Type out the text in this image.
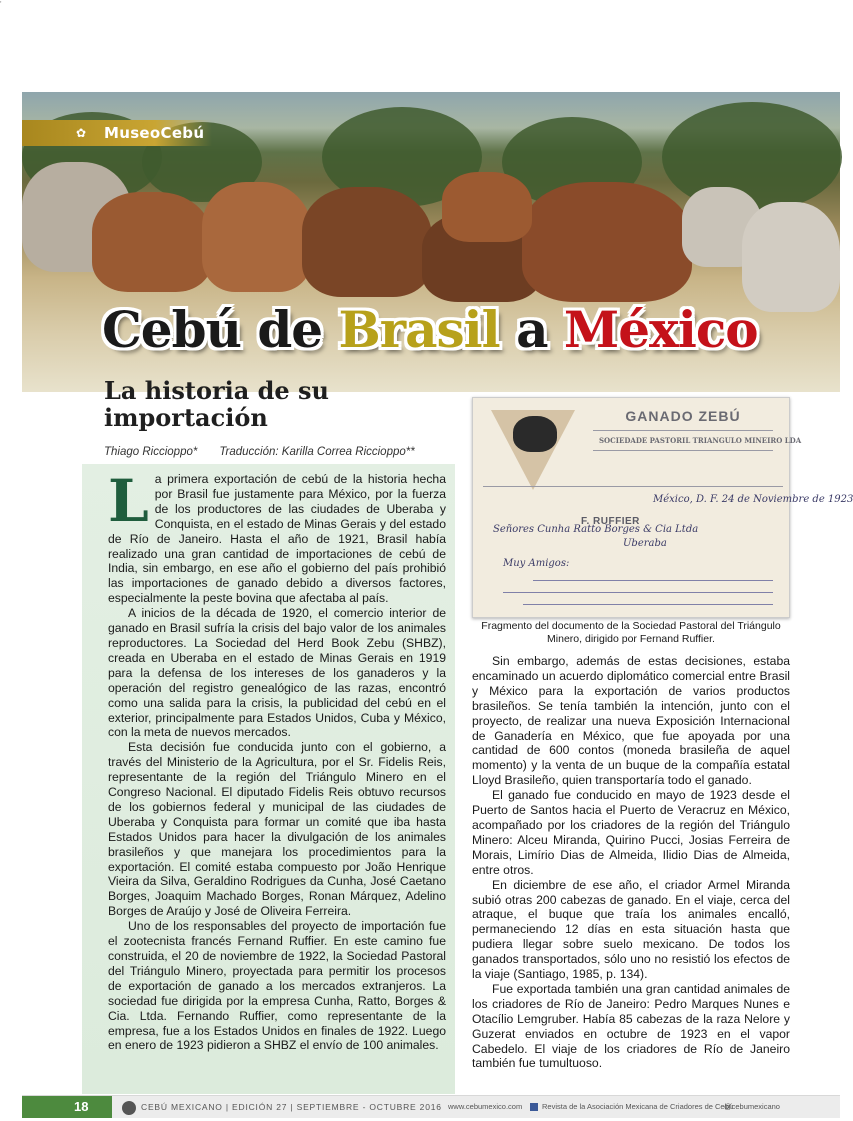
'
✿	MuseoCebú
Cebú de Brasil a México
La historia de su importación
Thiago Riccioppo* Traducción: Karilla Correa Riccioppo**
L a primera exportación de cebú de la historia hecha por Brasil fue justamente para México, por la fuerza de los productores de las ciudades de Uberaba y Conquista, en el estado de Minas Gerais y del estado de Río de Janeiro. Hasta el año de 1921, Brasil había realizado una gran cantidad de importaciones de cebú de India, sin embargo, en ese año el gobierno del país prohibió las importaciones de ganado debido a diversos factores, especialmente la peste bovina que afectaba al país.

A inicios de la década de 1920, el comercio interior de ganado en Brasil sufría la crisis del bajo valor de los animales reproductores. La Sociedad del Herd Book Zebu (SHBZ), creada en Uberaba en el estado de Minas Gerais en 1919 para la defensa de los intereses de los ganaderos y la operación del registro genealógico de las razas, encontró como una salida para la crisis, la publicidad del cebú en el exterior, principalmente para Estados Unidos, Cuba y México, con la meta de nuevos mercados.

Esta decisión fue conducida junto con el gobierno, a través del Ministerio de la Agricultura, por el Sr. Fidelis Reis, representante de la región del Triángulo Minero en el Congreso Nacional. El diputado Fidelis Reis obtuvo recursos de los gobiernos federal y municipal de las ciudades de Uberaba y Conquista para formar un comité que iba hasta Estados Unidos para hacer la divulgación de los animales brasileños y que manejara los procedimientos para la exportación. El comité estaba compuesto por João Henrique Vieira da Silva, Geraldino Rodrigues da Cunha, José Caetano Borges, Joaquim Machado Borges, Ronan Márquez, Adelino Borges de Araújo y José de Oliveira Ferreira.

Uno de los responsables del proyecto de importación fue el zootecnista francés Fernand Ruffier. En este camino fue construida, el 20 de noviembre de 1922, la Sociedad Pastoral del Triángulo Minero, proyectada para permitir los procesos de exportación de ganado a los mercados extranjeros. La sociedad fue dirigida por la empresa Cunha, Ratto, Borges & Cia. Ltda. Fernando Ruffier, como representante de la empresa, fue a los Estados Unidos en finales de 1922. Luego en enero de 1923 pidieron a SHBZ el envío de 100 animales.

GANADO ZEBÚ
SOCIEDADE PASTORIL TRIANGULO MINEIRO LDA
F. RUFFIER
México, D. F. 24 de Noviembre de 1923
Señores Cunha Ratto Borges & Cia Ltda
Uberaba
Muy Amigos:
Fragmento del documento de la Sociedad Pastoral del Triángulo Minero, dirigido por Fernand Ruffier.

Sin embargo, además de estas decisiones, estaba encaminado un acuerdo diplomático comercial entre Brasil y México para la exportación de varios productos brasileños. Se tenía también la intención, junto con el proyecto, de realizar una nueva Exposición Internacional de Ganadería en México, que fue apoyada por una cantidad de 600 contos (moneda brasileña de aquel momento) y la venta de un buque de la compañía estatal Lloyd Brasileño, quien transportaría todo el ganado.

El ganado fue conducido en mayo de 1923 desde el Puerto de Santos hacia el Puerto de Veracruz en México, acompañado por los criadores de la región del Triángulo Minero: Alceu Miranda, Quirino Pucci, Josias Ferreira de Morais, Limírio Dias de Almeida, Ilidio Dias de Almeida, entre otros.

En diciembre de ese año, el criador Armel Miranda subió otras 200 cabezas de ganado. En el viaje, cerca del atraque, el buque que traía los animales encalló, permaneciendo 12 días en esta situación hasta que pudiera llegar sobre suelo mexicano. De todos los ganados transportados, sólo uno no resistió los efectos de la viaje (Santiago, 1985, p. 134).

Fue exportada también una gran cantidad animales de los criadores de Río de Janeiro: Pedro Marques Nunes e Otacílio Lemgruber. Había 85 cabezas de la raza Nelore y Guzerat enviados en octubre de 1923 en el vapor Cabedelo. El viaje de los criadores de Río de Janeiro también fue tumultuoso.

18	CEBÚ MEXICANO | EDICIÓN 27 | SEPTIEMBRE - OCTUBRE 2016 www.cebumexico.com	Revista de la Asociación Mexicana de Criadores de Cebú
@cebumexicano
